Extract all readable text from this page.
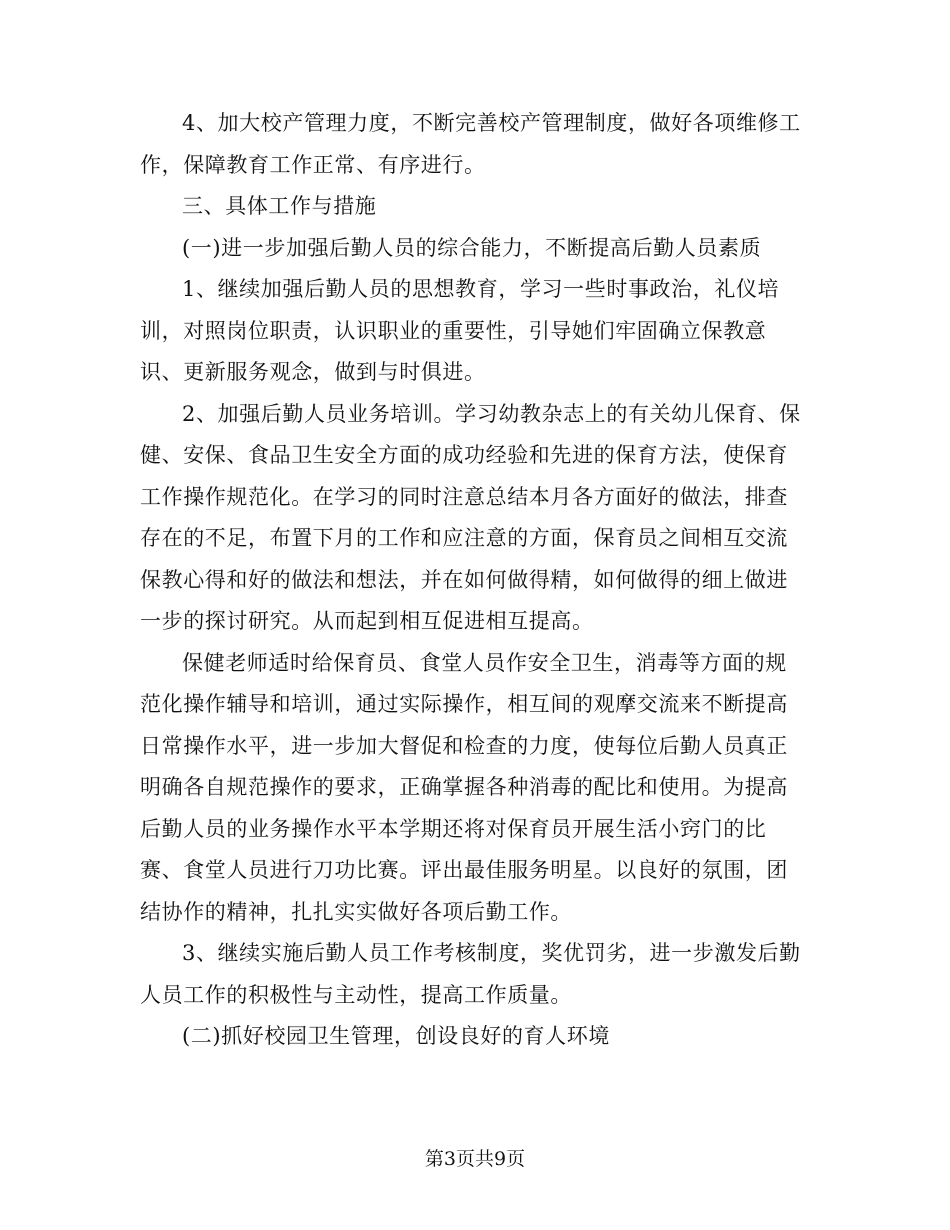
4、加大校产管理力度，不断完善校产管理制度，做好各项维修工
作，保障教育工作正常、有序进行。

三、具体工作与措施

(一)进一步加强后勤人员的综合能力，不断提高后勤人员素质

1、继续加强后勤人员的思想教育，学习一些时事政治，礼仪培
训，对照岗位职责，认识职业的重要性，引导她们牢固确立保教意
识、更新服务观念，做到与时俱进。

2、加强后勤人员业务培训。学习幼教杂志上的有关幼儿保育、保
健、安保、食品卫生安全方面的成功经验和先进的保育方法，使保育
工作操作规范化。在学习的同时注意总结本月各方面好的做法，排查
存在的不足，布置下月的工作和应注意的方面，保育员之间相互交流
保教心得和好的做法和想法，并在如何做得精，如何做得的细上做进
一步的探讨研究。从而起到相互促进相互提高。

保健老师适时给保育员、食堂人员作安全卫生，消毒等方面的规
范化操作辅导和培训，通过实际操作，相互间的观摩交流来不断提高
日常操作水平，进一步加大督促和检查的力度，使每位后勤人员真正
明确各自规范操作的要求，正确掌握各种消毒的配比和使用。为提高
后勤人员的业务操作水平本学期还将对保育员开展生活小窍门的比
赛、食堂人员进行刀功比赛。评出最佳服务明星。以良好的氛围，团
结协作的精神，扎扎实实做好各项后勤工作。

3、继续实施后勤人员工作考核制度，奖优罚劣，进一步激发后勤
人员工作的积极性与主动性，提高工作质量。

(二)抓好校园卫生管理，创设良好的育人环境

第3页共9页
